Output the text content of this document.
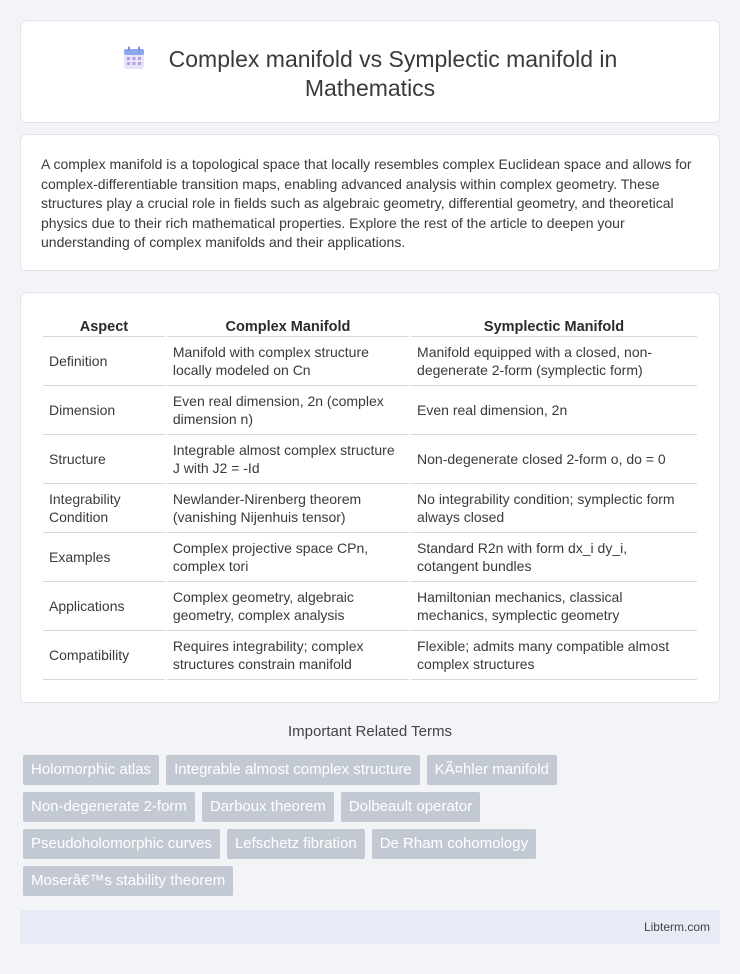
Complex manifold vs Symplectic manifold in
Mathematics

A complex manifold is a topological space that locally resembles complex Euclidean space and allows for complex-differentiable transition maps, enabling advanced analysis within complex geometry. These structures play a crucial role in fields such as algebraic geometry, differential geometry, and theoretical physics due to their rich mathematical properties. Explore the rest of the article to deepen your understanding of complex manifolds and their applications.

Aspect	Complex Manifold	Symplectic Manifold
Definition	Manifold with complex structure locally modeled on Cn	Manifold equipped with a closed, non-degenerate 2-form (symplectic form)
Dimension	Even real dimension, 2n (complex dimension n)	Even real dimension, 2n
Structure	Integrable almost complex structure J with J2 = -Id	Non-degenerate closed 2-form o, do = 0
Integrability Condition	Newlander-Nirenberg theorem (vanishing Nijenhuis tensor)	No integrability condition; symplectic form always closed
Examples	Complex projective space CPn, complex tori	Standard R2n with form dx_i dy_i, cotangent bundles
Applications	Complex geometry, algebraic geometry, complex analysis	Hamiltonian mechanics, classical mechanics, symplectic geometry
Compatibility	Requires integrability; complex structures constrain manifold	Flexible; admits many compatible almost complex structures
Important Related Terms
Holomorphic atlas	Integrable almost complex structure	KÃ¤hler manifold
Non-degenerate 2-form	Darboux theorem	Dolbeault operator
Pseudoholomorphic curves	Lefschetz fibration	De Rham cohomology
Moserâ€™s stability theorem
Libterm.com
